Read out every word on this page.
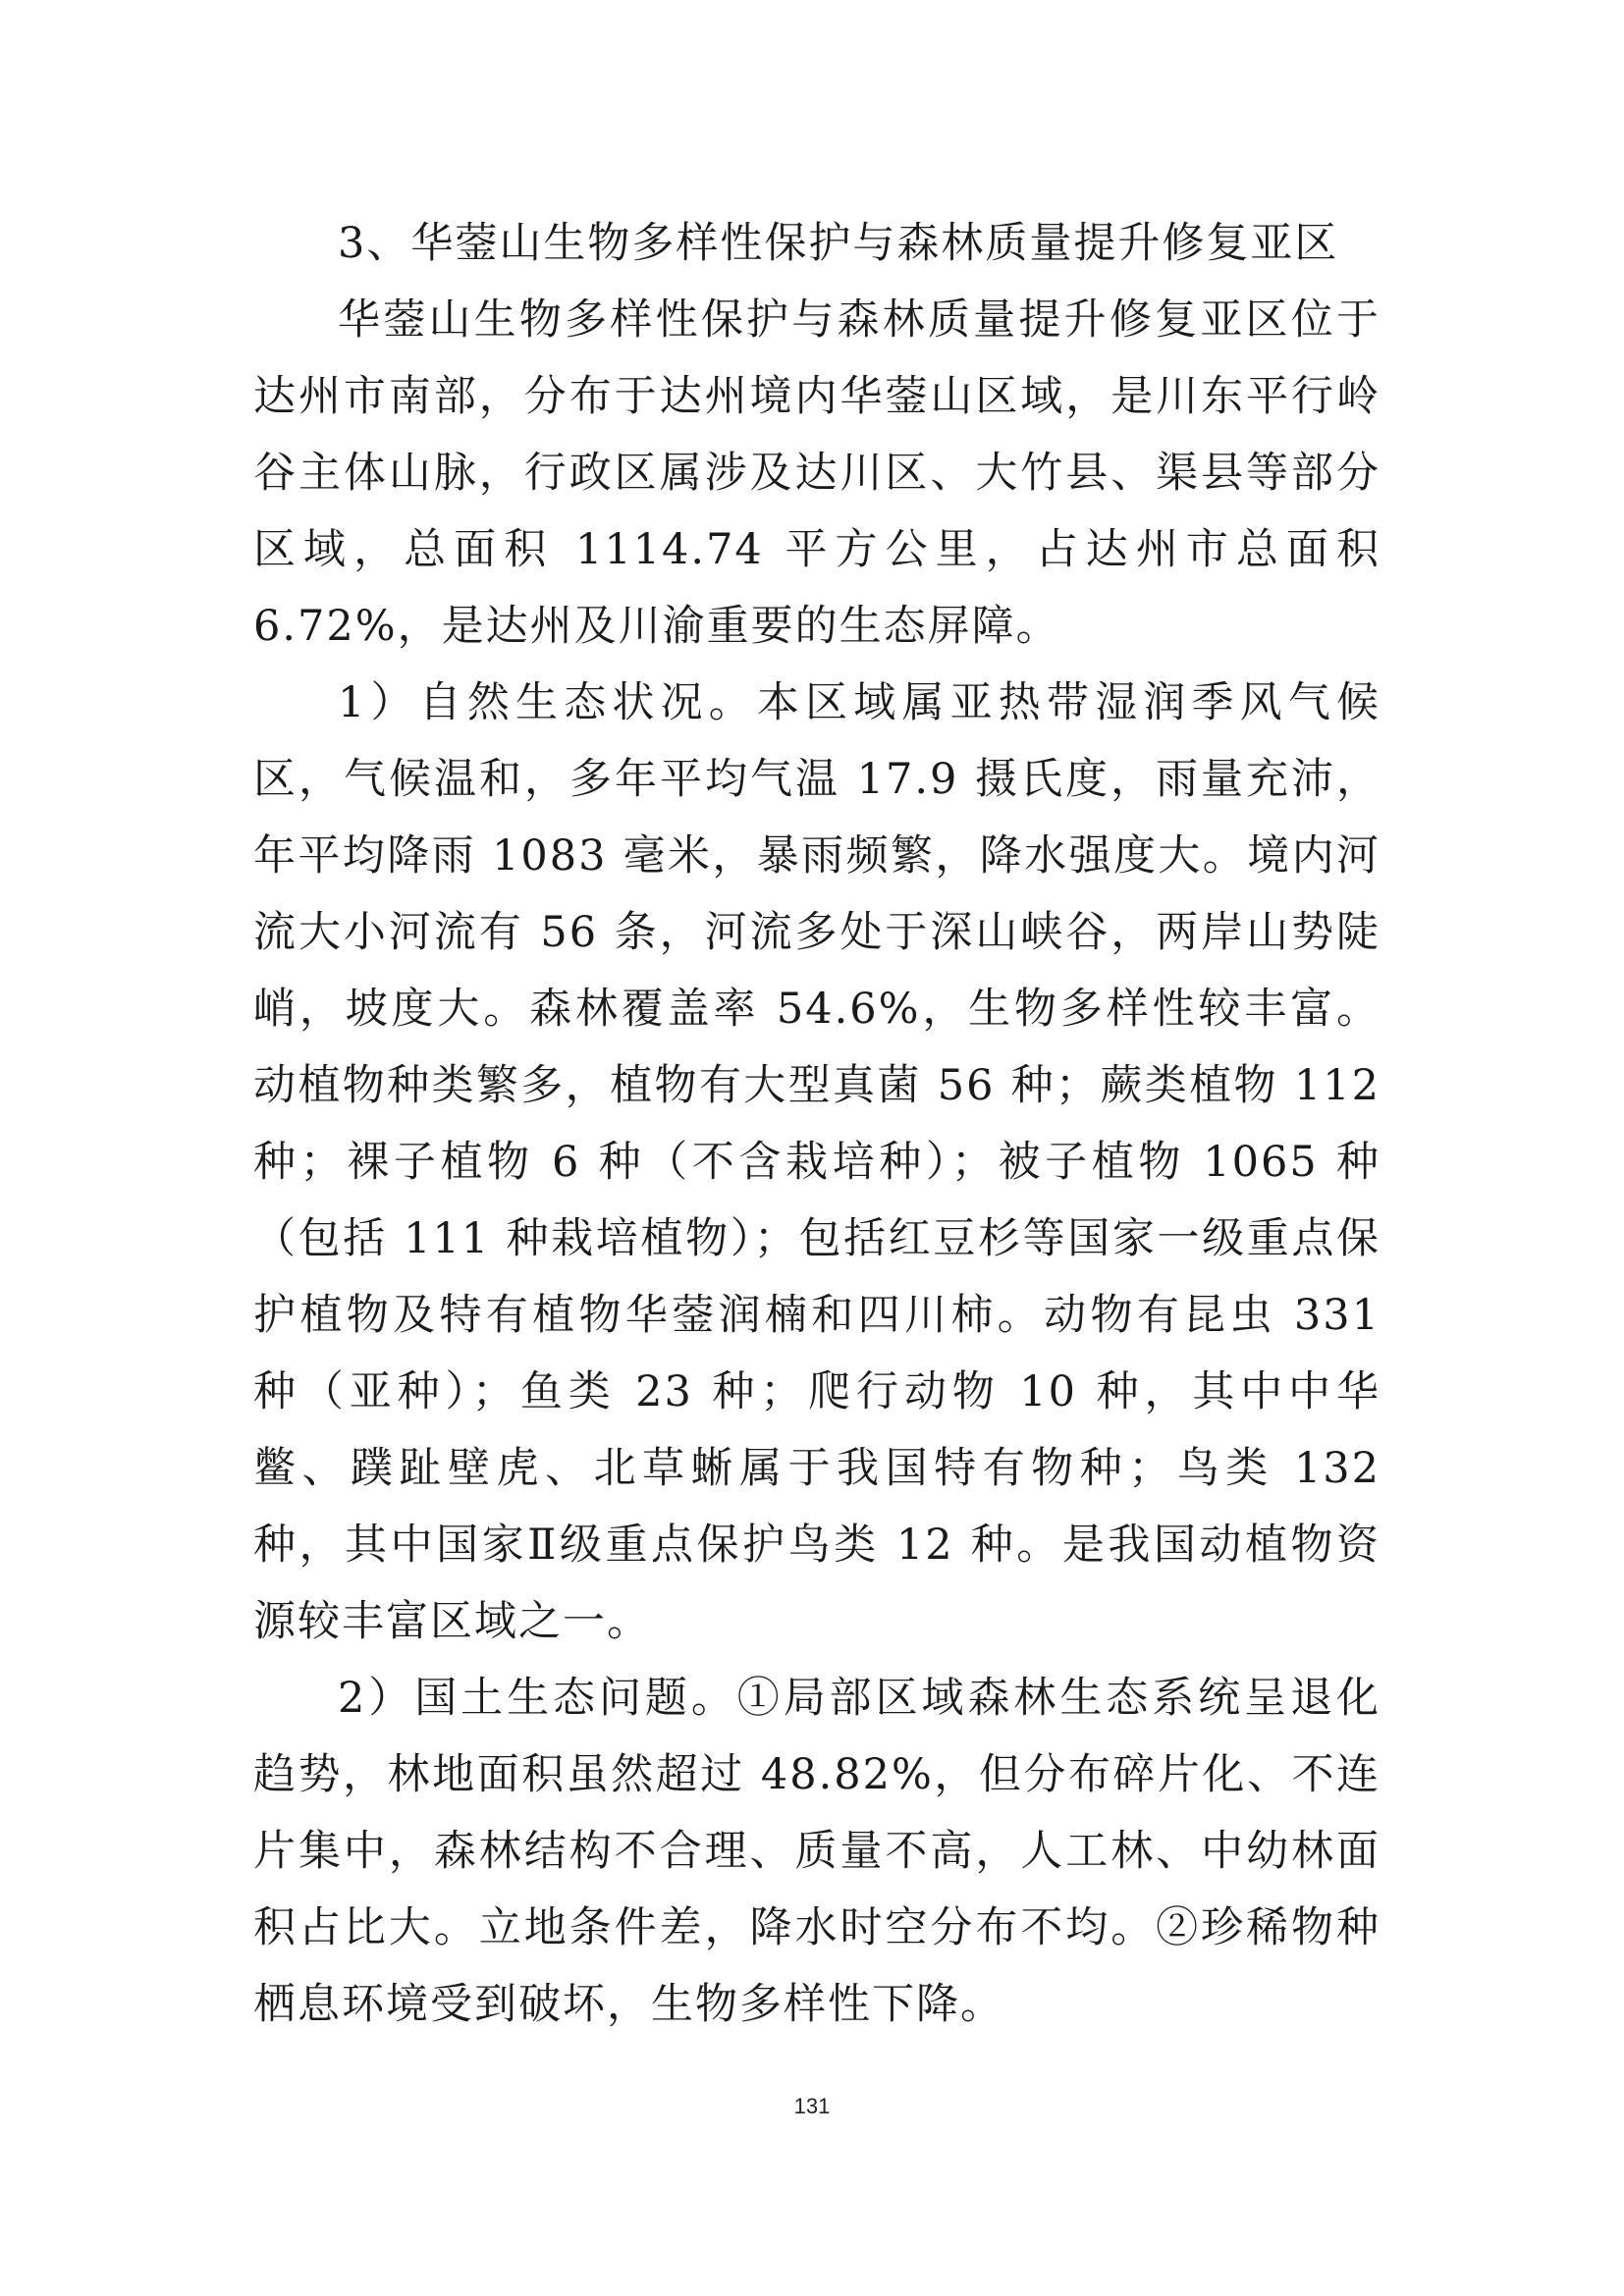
3、华蓥山生物多样性保护与森林质量提升修复亚区

华蓥山生物多样性保护与森林质量提升修复亚区位于达州市南部，分布于达州境内华蓥山区域，是川东平行岭谷主体山脉，行政区属涉及达川区、大竹县、渠县等部分区域，总面积 1114.74 平方公里，占达州市总面积 6.72%，是达州及川渝重要的生态屏障。

1）自然生态状况。本区域属亚热带湿润季风气候区，气候温和，多年平均气温 17.9 摄氏度，雨量充沛，年平均降雨 1083 毫米，暴雨频繁，降水强度大。境内河流大小河流有 56 条，河流多处于深山峡谷，两岸山势陡峭，坡度大。森林覆盖率 54.6%，生物多样性较丰富。动植物种类繁多，植物有大型真菌 56 种；蕨类植物 112 种；裸子植物 6 种（不含栽培种）；被子植物 1065 种（包括 111 种栽培植物）；包括红豆杉等国家一级重点保护植物及特有植物华蓥润楠和四川柿。动物有昆虫 331 种（亚种）；鱼类 23 种；爬行动物 10 种，其中中华鳖、蹼趾壁虎、北草蜥属于我国特有物种；鸟类 132 种，其中国家Ⅱ级重点保护鸟类 12 种。是我国动植物资源较丰富区域之一。

2）国土生态问题。①局部区域森林生态系统呈退化趋势，林地面积虽然超过 48.82%，但分布碎片化、不连片集中，森林结构不合理、质量不高，人工林、中幼林面积占比大。立地条件差，降水时空分布不均。②珍稀物种栖息环境受到破坏，生物多样性下降。

131
